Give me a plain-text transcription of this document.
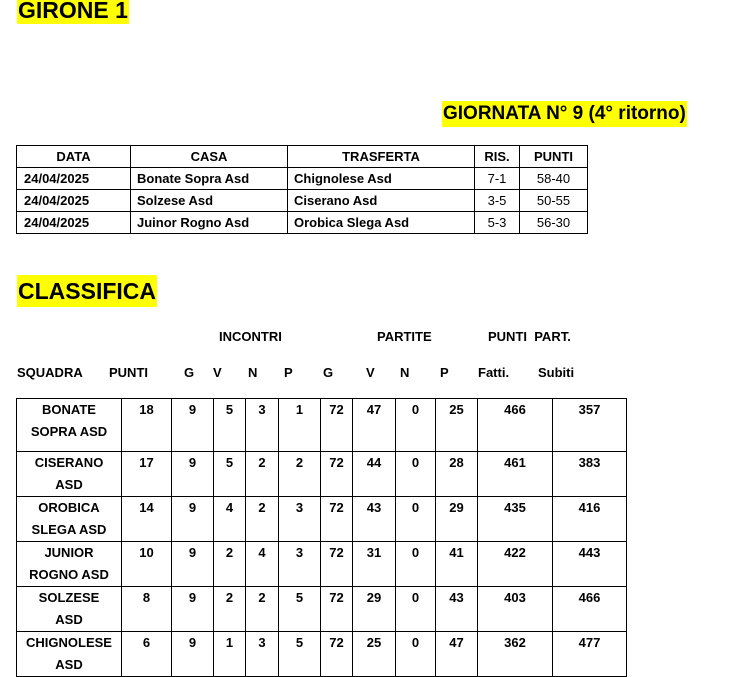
GIRONE 1
GIORNATA N° 9 (4° ritorno)
DATA	CASA	TRASFERTA	RIS.	PUNTI
24/04/2025	Bonate Sopra Asd	Chignolese Asd	7-1	58-40
24/04/2025	Solzese Asd	Ciserano Asd	3-5	50-55
24/04/2025	Juinor Rogno Asd	Orobica Slega Asd	5-3	56-30
CLASSIFICA
INCONTRI	PARTITE	PUNTI  PART.
SQUADRA PUNTI	G V N P G	V N P Fatti. Subiti
BONATE
SOPRA ASD	18	9	5	3	1	72	47	0	25	466	357

CISERANO
ASD	17	9	5	2	2	72	44	0	28	461	383

OROBICA
SLEGA ASD	14	9	4	2	3	72	43	0	29	435	416

JUNIOR
ROGNO ASD	10	9	2	4	3	72	31	0	41	422	443

SOLZESE
ASD	8	9	2	2	5	72	29	0	43	403	466

CHIGNOLESE
ASD	6	9	1	3	5	72	25	0	47	362	477
